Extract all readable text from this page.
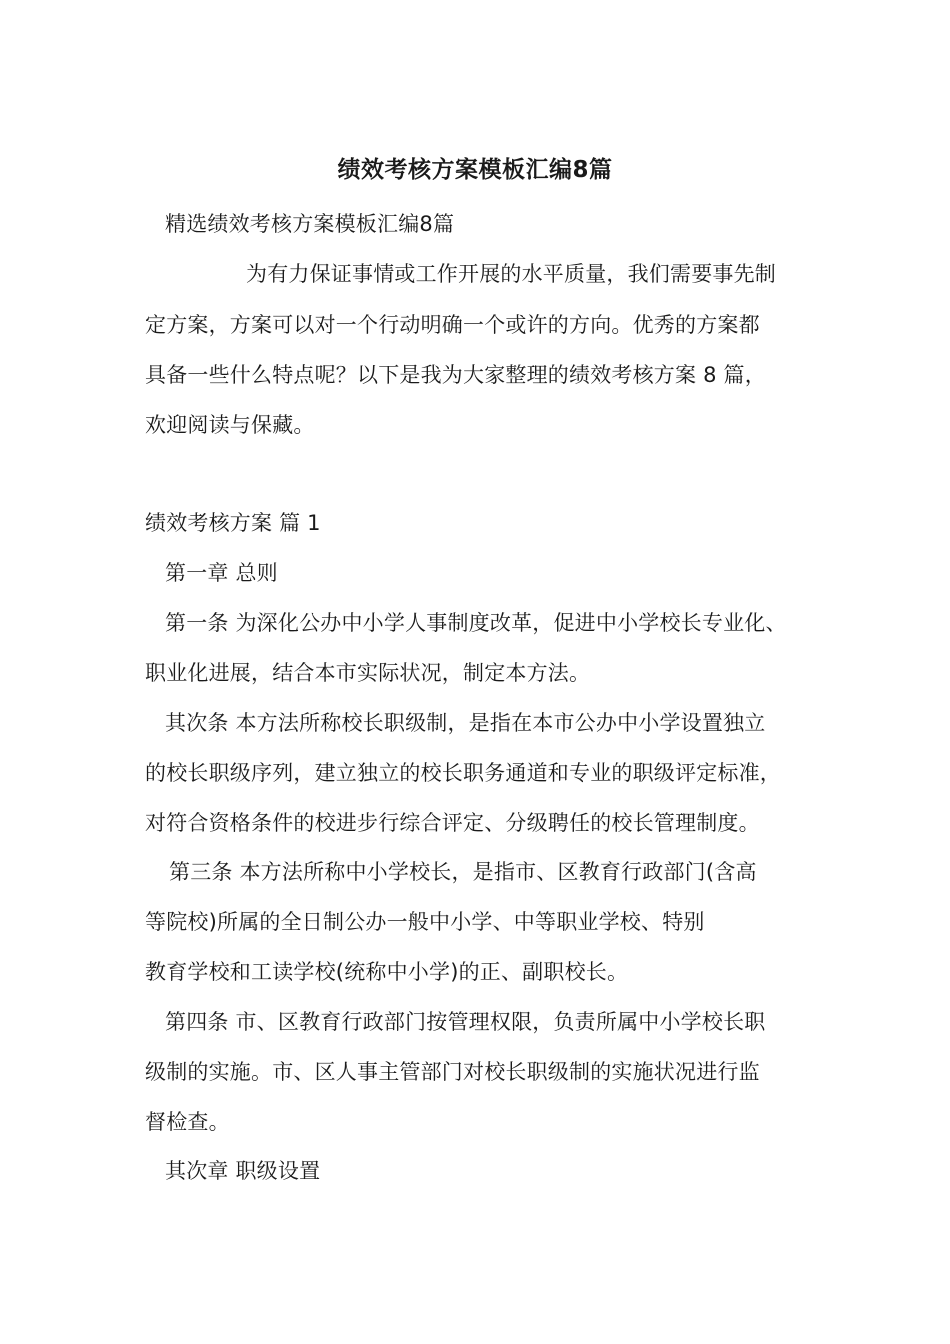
绩效考核方案模板汇编8篇
精选绩效考核方案模板汇编8篇
为有力保证事情或工作开展的水平质量，我们需要事先制
定方案，方案可以对一个行动明确一个或许的方向。优秀的方案都
具备一些什么特点呢？以下是我为大家整理的绩效考核方案 8 篇，
欢迎阅读与保藏。
绩效考核方案 篇 1
第一章 总则
第一条 为深化公办中小学人事制度改革，促进中小学校长专业化、
职业化进展，结合本市实际状况，制定本方法。
其次条 本方法所称校长职级制，是指在本市公办中小学设置独立
的校长职级序列，建立独立的校长职务通道和专业的职级评定标准，
对符合资格条件的校进步行综合评定、分级聘任的校长管理制度。
第三条 本方法所称中小学校长，是指市、区教育行政部门(含高
等院校)所属的全日制公办一般中小学、中等职业学校、特别
教育学校和工读学校(统称中小学)的正、副职校长。
第四条 市、区教育行政部门按管理权限，负责所属中小学校长职
级制的实施。市、区人事主管部门对校长职级制的实施状况进行监
督检查。
其次章 职级设置
